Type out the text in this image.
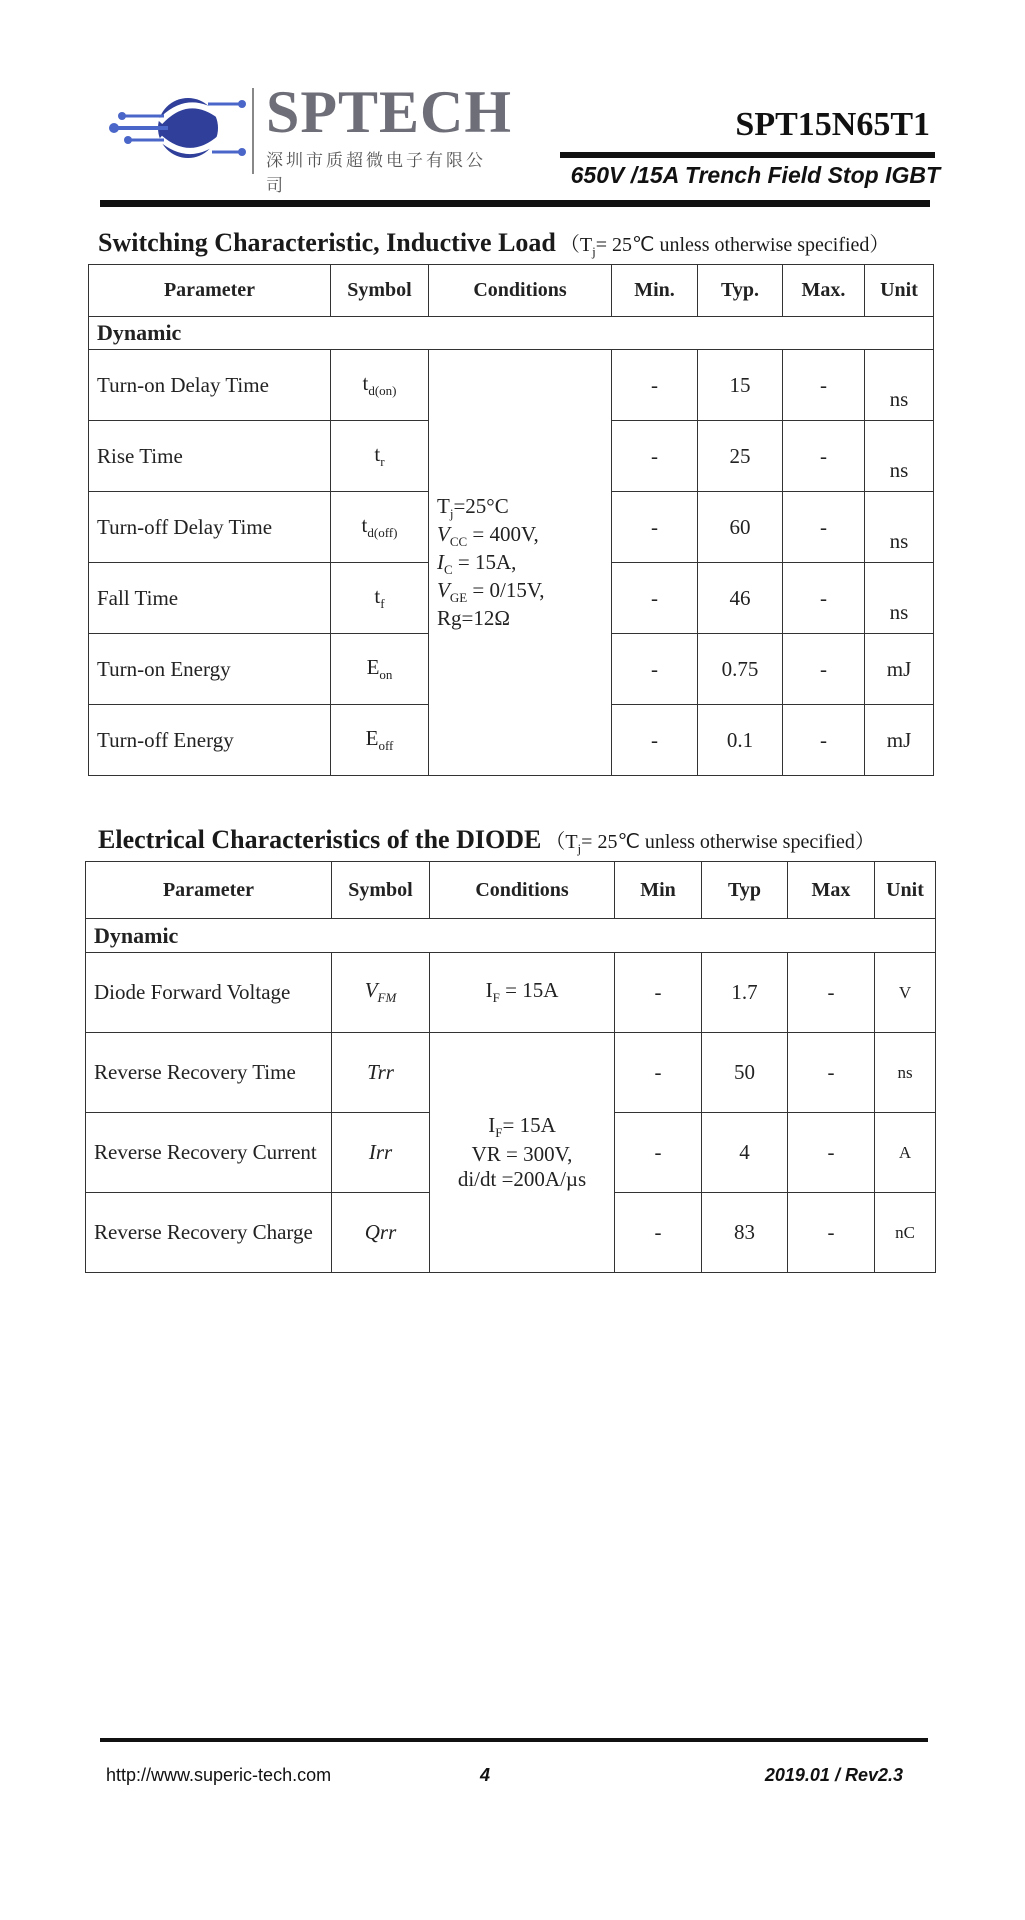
SPTECH
深圳市质超微电子有限公司
SPT15N65T1
650V /15A Trench Field Stop IGBT
Switching Characteristic, Inductive Load （$T_j=$ 25℃ unless otherwise specified）
Parameter	Symbol	Conditions	Min.	Typ.	Max.	Unit
Dynamic						
Turn-on Delay Time	$t_{d(on)}$	$T_j=25^\circ C$
$V_{CC} = 400V$,
$I_C = 15A$,
$V_{GE} = 0/15V$,
Rg=12Ω	-	15	-	ns
Rise Time	$t_r$		-	25	-	ns
Turn-off Delay Time	$t_{d(off)}$		-	60	-	ns
Fall Time	$t_f$		-	46	-	ns
Turn-on Energy	$E_{on}$		-	0.75	-	mJ
Turn-off Energy	$E_{off}$		-	0.1	-	mJ
Electrical Characteristics of the DIODE （$T_j=$ 25℃ unless otherwise specified）
Parameter	Symbol	Conditions	Min	Typ	Max	Unit
Dynamic						
Diode Forward Voltage	$V_{FM}$	$I_F = 15A$	-	1.7	-	V
Reverse Recovery Time	Trr	$I_F= 15A$
VR = 300V,
di/dt =200A/µs	-	50	-	ns
Reverse Recovery Current	Irr		-	4	-	A
Reverse Recovery Charge	Qrr		-	83	-	nC
http://www.superic-tech.com	4	2019.01 / Rev2.3
